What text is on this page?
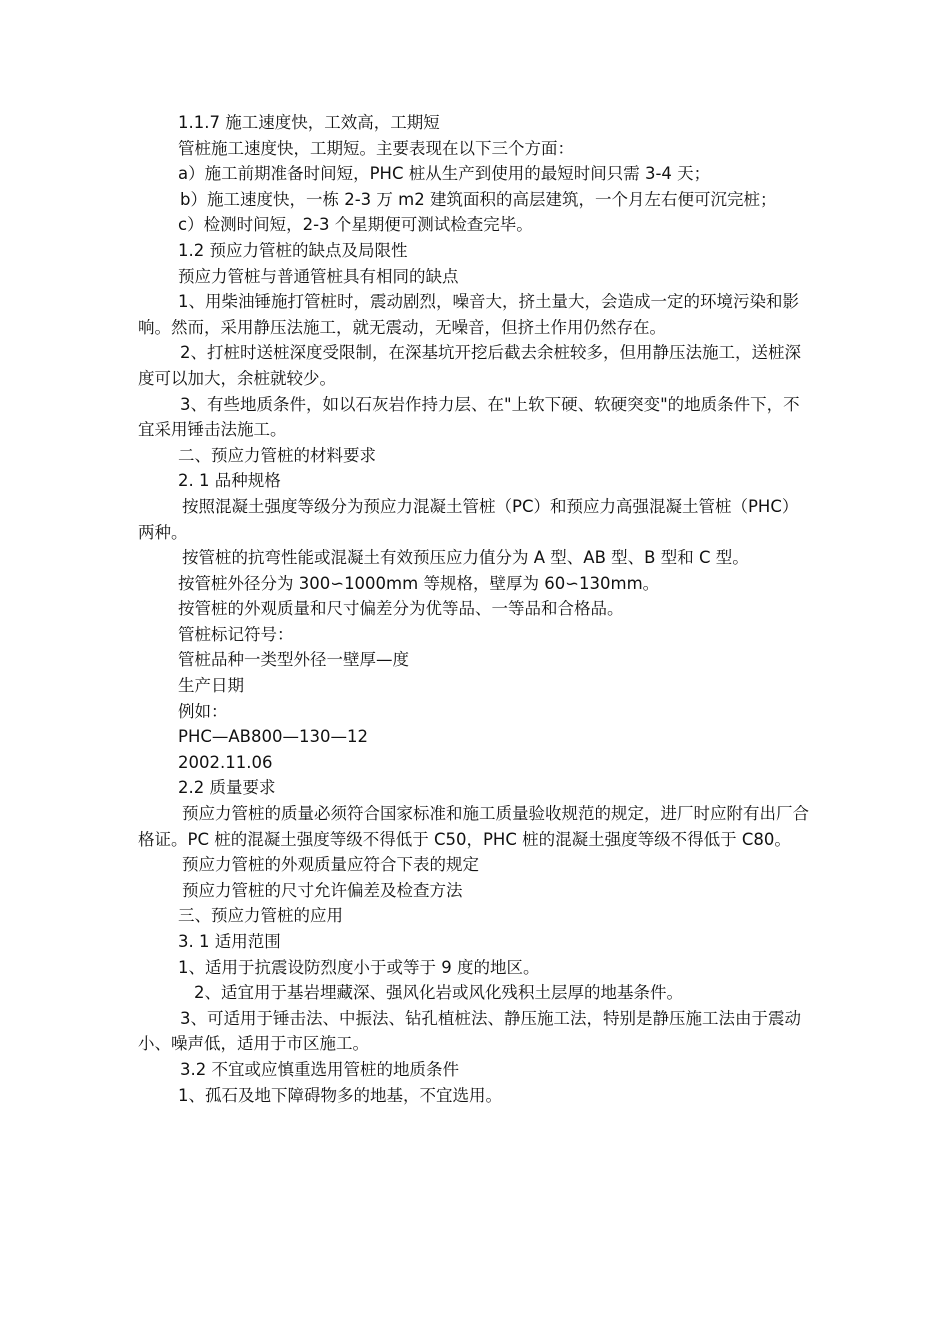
1.1.7 施工速度快，工效高，工期短

管桩施工速度快，工期短。主要表现在以下三个方面：

a）施工前期准备时间短，PHC 桩从生产到使用的最短时间只需 3-4 天；

b）施工速度快，一栋 2-3 万 m2 建筑面积的高层建筑，一个月左右便可沉完桩；

c）检测时间短，2-3 个星期便可测试检查完毕。

1.2 预应力管桩的缺点及局限性

预应力管桩与普通管桩具有相同的缺点

1、用柴油锤施打管桩时，震动剧烈，噪音大，挤土量大，会造成一定的环境污染和影响。然而，采用静压法施工，就无震动，无噪音，但挤土作用仍然存在。

2、打桩时送桩深度受限制，在深基坑开挖后截去余桩较多，但用静压法施工，送桩深度可以加大，余桩就较少。

3、有些地质条件，如以石灰岩作持力层、在"上软下硬、软硬突变"的地质条件下，不宜采用锤击法施工。

二、预应力管桩的材料要求

2. 1 品种规格

按照混凝土强度等级分为预应力混凝土管桩（PC）和预应力高强混凝土管桩（PHC）两种。

按管桩的抗弯性能或混凝土有效预压应力值分为 A 型、AB 型、B 型和 C 型。

按管桩外径分为 300∽1000mm 等规格，壁厚为 60∽130mm。

按管桩的外观质量和尺寸偏差分为优等品、一等品和合格品。

管桩标记符号：

管桩品种一类型外径一壁厚—度

生产日期

例如：

PHC—AB800—130—12

2002.11.06

2.2 质量要求

预应力管桩的质量必须符合国家标准和施工质量验收规范的规定，进厂时应附有出厂合格证。PC 桩的混凝土强度等级不得低于 C50，PHC 桩的混凝土强度等级不得低于 C80。

预应力管桩的外观质量应符合下表的规定

预应力管桩的尺寸允许偏差及检查方法

三、预应力管桩的应用

3. 1 适用范围

1、适用于抗震设防烈度小于或等于 9 度的地区。

2、适宜用于基岩埋藏深、强风化岩或风化残积土层厚的地基条件。

3、可适用于锤击法、中振法、钻孔植桩法、静压施工法，特别是静压施工法由于震动小、噪声低，适用于市区施工。

3.2 不宜或应慎重选用管桩的地质条件

1、孤石及地下障碍物多的地基，不宜选用。
